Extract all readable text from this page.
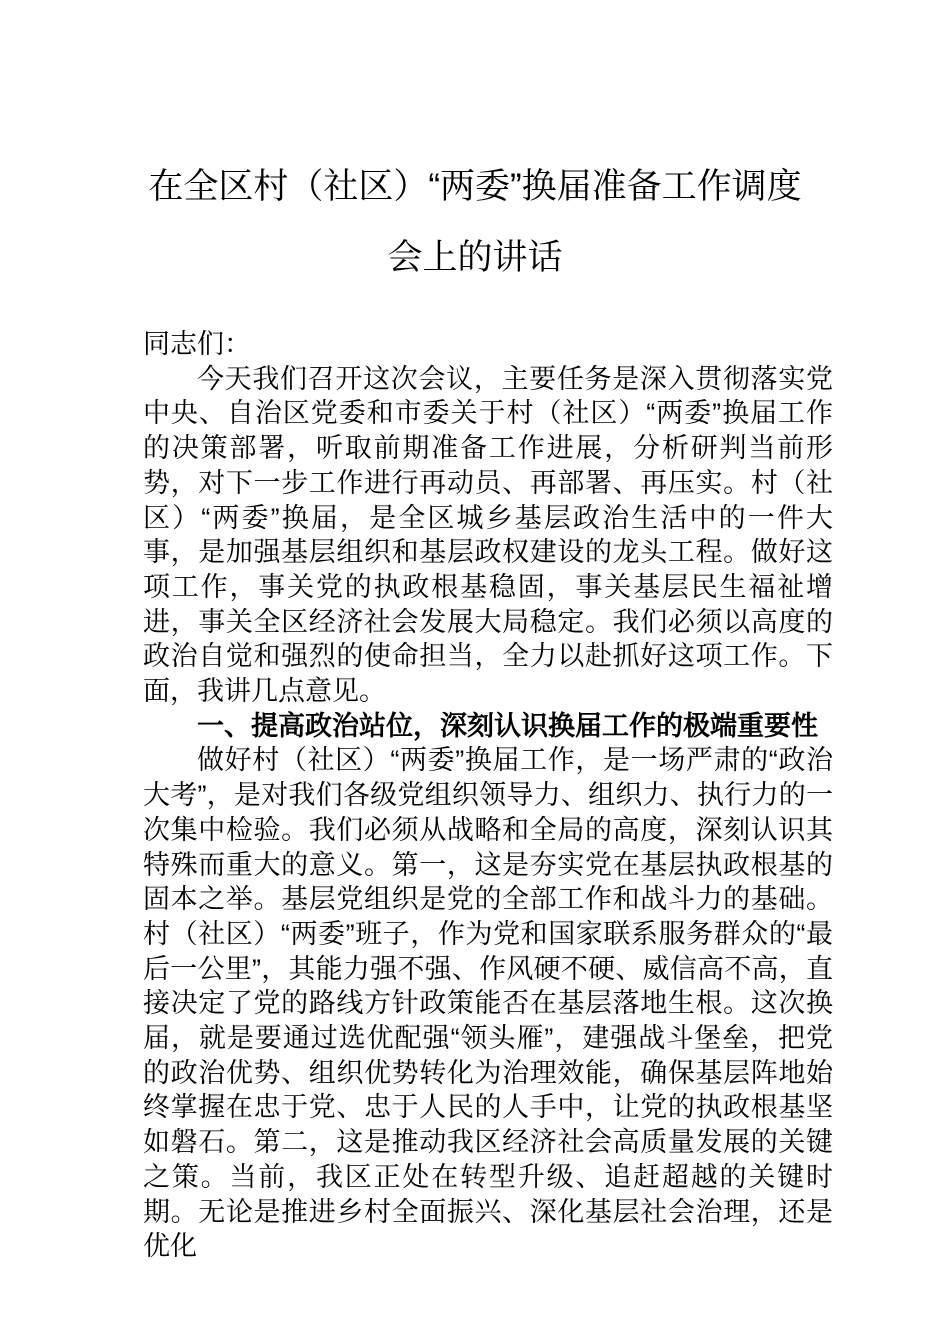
在全区村（社区）“两委”换届准备工作调度会上的讲话

同志们：

今天我们召开这次会议，主要任务是深入贯彻落实党中央、自治区党委和市委关于村（社区）“两委”换届工作的决策部署，听取前期准备工作进展，分析研判当前形势，对下一步工作进行再动员、再部署、再压实。村（社区）“两委”换届，是全区城乡基层政治生活中的一件大事，是加强基层组织和基层政权建设的龙头工程。做好这项工作，事关党的执政根基稳固，事关基层民生福祉增进，事关全区经济社会发展大局稳定。我们必须以高度的政治自觉和强烈的使命担当，全力以赴抓好这项工作。下面，我讲几点意见。

一、提高政治站位，深刻认识换届工作的极端重要性

做好村（社区）“两委”换届工作，是一场严肃的“政治大考”，是对我们各级党组织领导力、组织力、执行力的一次集中检验。我们必须从战略和全局的高度，深刻认识其特殊而重大的意义。第一，这是夯实党在基层执政根基的固本之举。基层党组织是党的全部工作和战斗力的基础。村（社区）“两委”班子，作为党和国家联系服务群众的“最后一公里”，其能力强不强、作风硬不硬、威信高不高，直接决定了党的路线方针政策能否在基层落地生根。这次换届，就是要通过选优配强“领头雁”，建强战斗堡垒，把党的政治优势、组织优势转化为治理效能，确保基层阵地始终掌握在忠于党、忠于人民的人手中，让党的执政根基坚如磐石。第二，这是推动我区经济社会高质量发展的关键之策。当前，我区正处在转型升级、追赶超越的关键时期。无论是推进乡村全面振兴、深化基层社会治理，还是优化
